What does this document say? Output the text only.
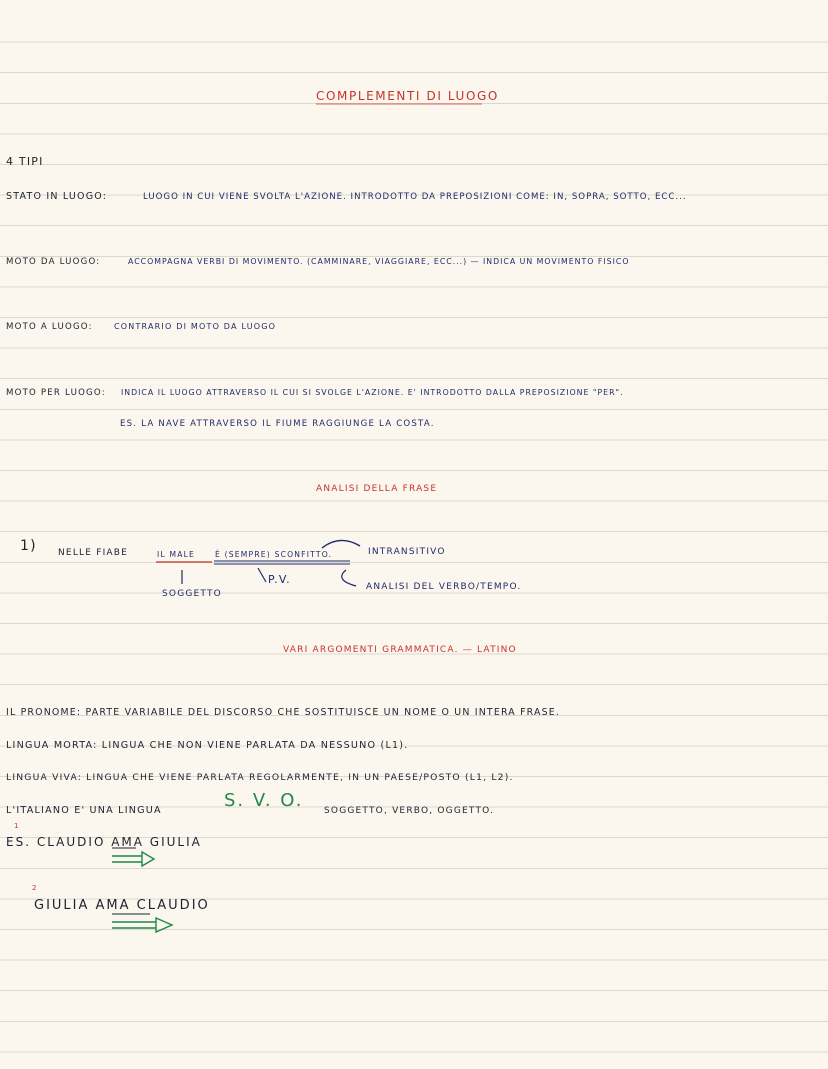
COMPLEMENTI DI LUOGO
4 TIPI
STATO IN LUOGO:	LUOGO IN CUI VIENE SVOLTA L'AZIONE. INTRODOTTO DA PREPOSIZIONI COME: IN, SOPRA, SOTTO, ECC...
MOTO DA LUOGO:	ACCOMPAGNA VERBI DI MOVIMENTO. (CAMMINARE, VIAGGIARE, ECC...) — INDICA UN MOVIMENTO FISICO
MOTO A LUOGO:	CONTRARIO DI MOTO DA LUOGO
MOTO PER LUOGO: INDICA IL LUOGO ATTRAVERSO IL CUI SI SVOLGE L'AZIONE. E' INTRODOTTO DALLA PREPOSIZIONE "PER".
ES. LA NAVE ATTRAVERSO IL FIUME RAGGIUNGE LA COSTA.
ANALISI DELLA FRASE
1) NELLE FIABE	IL MALE	È (SEMPRE) SCONFITTO.	INTRANSITIVO
ANALISI DEL VERBO/TEMPO.
SOGGETTO
P.V.
VARI ARGOMENTI GRAMMATICA. — LATINO
IL PRONOME: PARTE VARIABILE DEL DISCORSO CHE SOSTITUISCE UN NOME O UN INTERA FRASE.
LINGUA MORTA: LINGUA CHE NON VIENE PARLATA DA NESSUNO (L1).
LINGUA VIVA: LINGUA CHE VIENE PARLATA REGOLARMENTE, IN UN PAESE/POSTO (L1, L2).
L'ITALIANO E' UNA LINGUA	S. V. O. SOGGETTO, VERBO, OGGETTO.
1
ES. CLAUDIO AMA GIULIA
2
GIULIA AMA CLAUDIO
